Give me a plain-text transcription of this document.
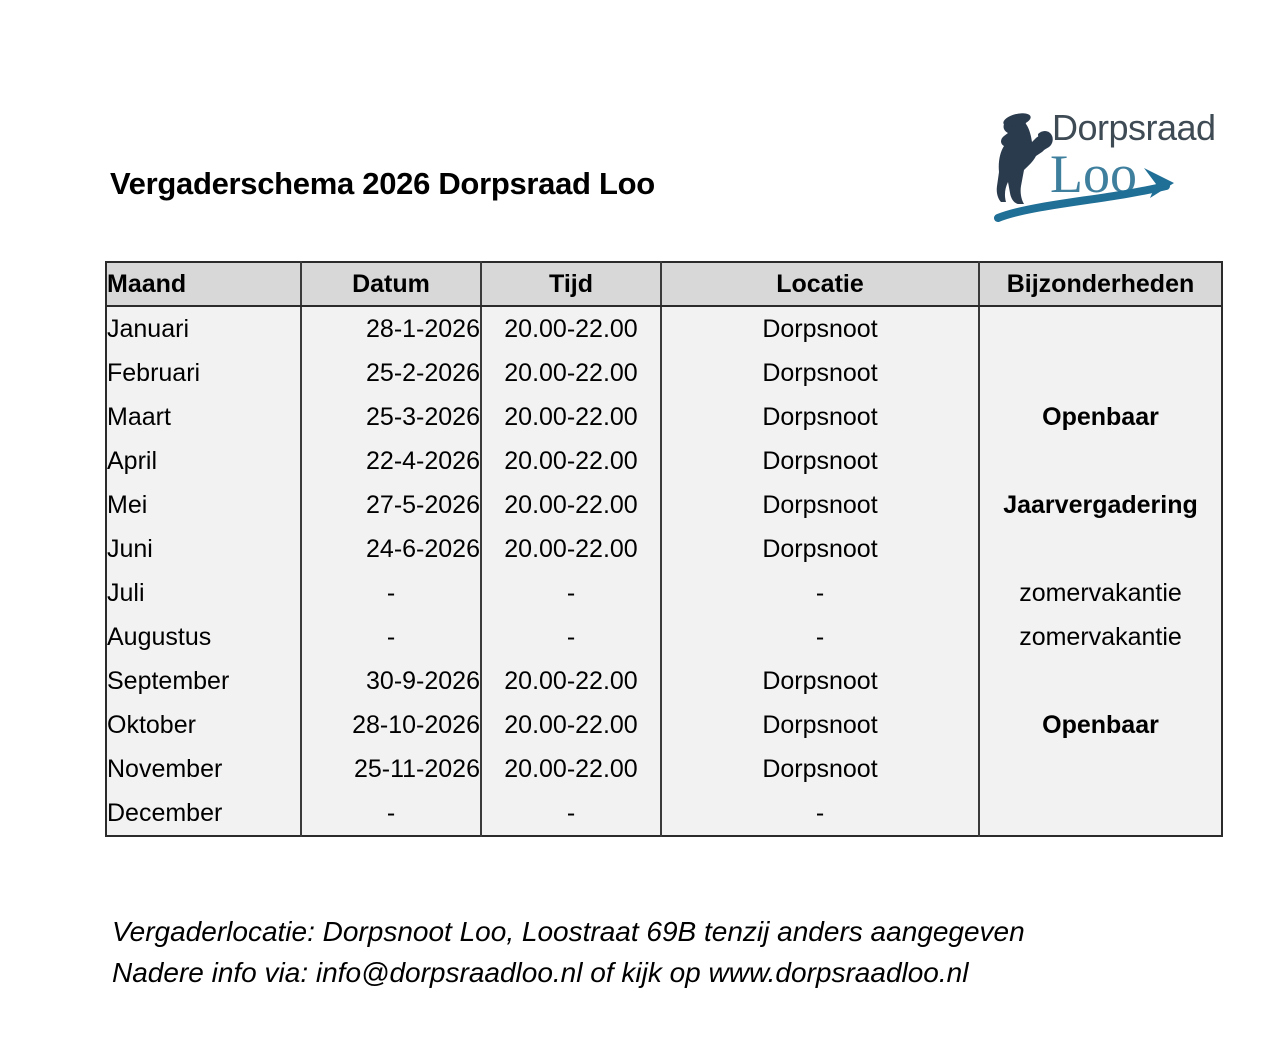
Dorpsraad
Loo
Vergaderschema 2026 Dorpsraad Loo
Maand	Datum	Tijd	Locatie	Bijzonderheden
Januari	28-1-2026	20.00-22.00	Dorpsnoot	
Februari	25-2-2026	20.00-22.00	Dorpsnoot	
Maart	25-3-2026	20.00-22.00	Dorpsnoot	Openbaar
April	22-4-2026	20.00-22.00	Dorpsnoot	
Mei	27-5-2026	20.00-22.00	Dorpsnoot	Jaarvergadering
Juni	24-6-2026	20.00-22.00	Dorpsnoot	
Juli	-	-	-	zomervakantie
Augustus	-	-	-	zomervakantie
September	30-9-2026	20.00-22.00	Dorpsnoot	
Oktober	28-10-2026	20.00-22.00	Dorpsnoot	Openbaar
November	25-11-2026	20.00-22.00	Dorpsnoot	
December	-	-	-	
Vergaderlocatie: Dorpsnoot Loo, Loostraat 69B tenzij anders aangegeven
Nadere info via: info@dorpsraadloo.nl of kijk op www.dorpsraadloo.nl
